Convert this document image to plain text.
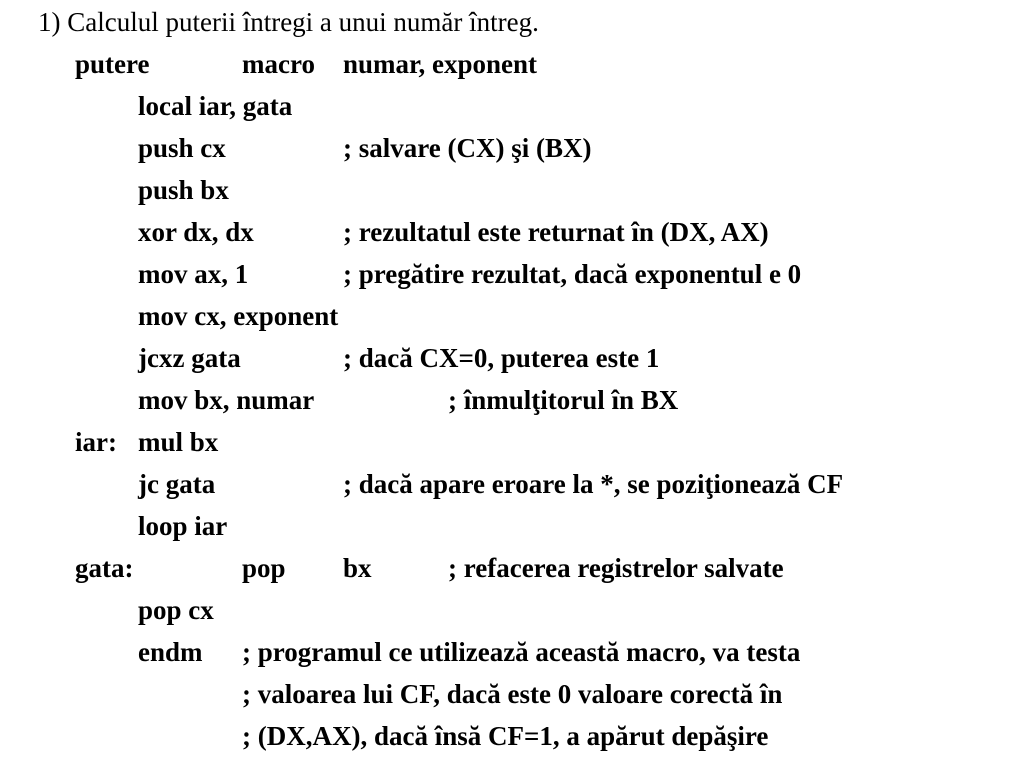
1) Calculul puterii întregi a unui număr întreg.
putere	macro numar, exponent
local iar, gata
push cx	; salvare (CX) şi (BX)
push bx
xor dx, dx	; rezultatul este returnat în (DX, AX)
mov ax, 1	; pregătire rezultat, dacă exponentul e 0
mov cx, exponent
jcxz gata	; dacă CX=0, puterea este 1
mov bx, numar	; înmulţitorul în BX
iar: mul bx
jc gata	; dacă apare eroare la *, se poziţionează CF
loop iar
gata:	pop bx	; refacerea registrelor salvate
pop cx
endm ; programul ce utilizează această macro, va testa
; valoarea lui CF, dacă este 0 valoare corectă în
; (DX,AX), dacă însă CF=1, a apărut depăşire
